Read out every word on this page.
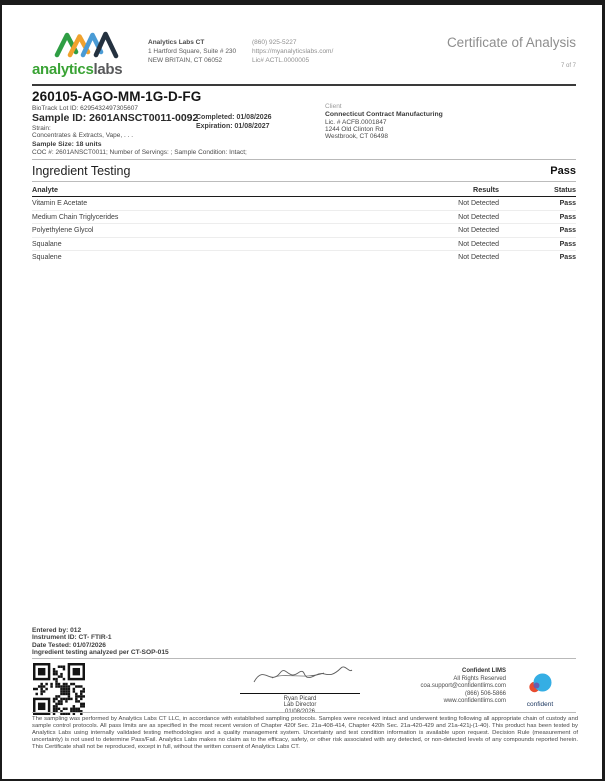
analyticslabs
Analytics Labs CT
1 Hartford Square, Suite # 230
NEW BRITAIN, CT 06052
(860) 925-5227
https://myanalyticslabs.com/
Lic# ACTL.0000005
Certificate of Analysis
7 of 7
260105-AGO-MM-1G-D-FG
BioTrack Lot ID: 6295432497305607
Sample ID: 2601ANSCT0011-0092
Completed: 01/08/2026
Strain:	Expiration: 01/08/2027
Concentrates & Extracts, Vape, . . .
Client
Connecticut Contract Manufacturing
Lic. # ACFB.0001847
1244 Old Clinton Rd
Westbrook, CT 06498
Sample Size: 18 units
COC #: 2601ANSCT0011; Number of Servings: ; Sample Condition: Intact;
Ingredient Testing	Pass
Analyte	Results	Status
Vitamin E Acetate	Not Detected	Pass
Medium Chain Triglycerides	Not Detected	Pass
Polyethylene Glycol	Not Detected	Pass
Squalane	Not Detected	Pass
Squalene	Not Detected	Pass
Entered by: 012
Instrument ID: CT- FTIR-1
Date Tested: 01/07/2026
Ingredient testing analyzed per CT-SOP-015
Ryan Picard
Lab Director
Confident LIMS
All Rights Reserved
coa.support@confidentlims.com
(866) 506-5866
www.confidentlims.com	confident
The sampling was performed by Analytics Labs CT LLC, in accordance with established sampling protocols. Samples were received intact and underwent testing following all appropriate chain of custody and sample control protocols. All pass limits are as specified in the most recent version of Chapter 420f Sec. 21a-408-414, Chapter 420h Sec. 21a-420-429 and 21a-421j-(1-40). This product has been tested by Analytics Labs using internally validated testing methodologies and a quality management system. Uncertainty and test condition information is available upon request. Decision Rule (measurement of uncertainty) is not used to determine Pass/Fail. Analytics Labs makes no claim as to the efficacy, safety, or other risk associated with any detected, or non-detected levels of any compounds reported herein. This Certificate shall not be reproduced, except in full, without the written consent of Analytics Labs CT.
